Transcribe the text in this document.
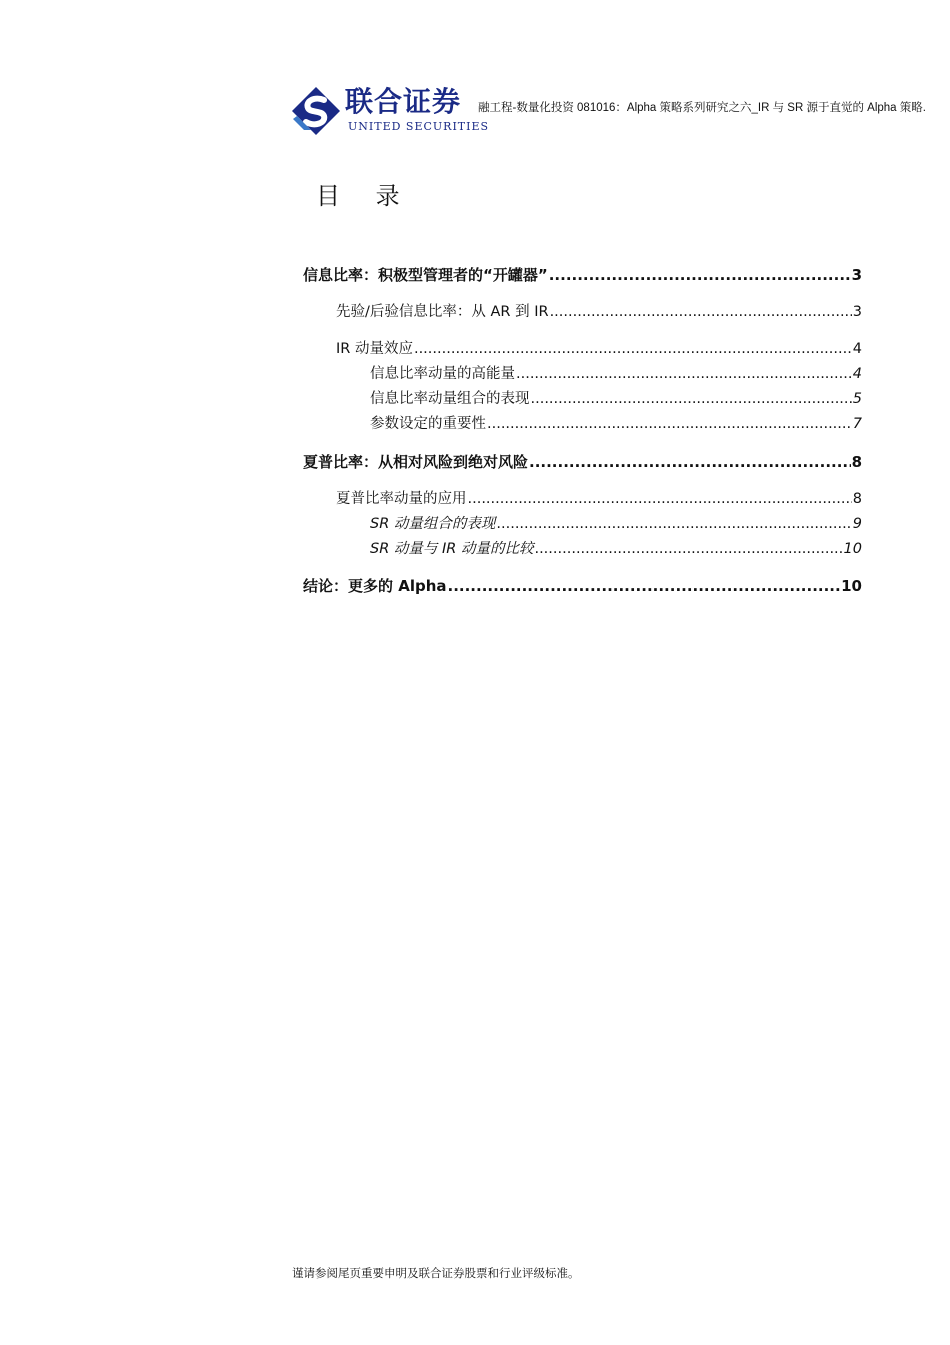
联合证券
UNITED SECURITIES
融工程-数量化投资 081016：Alpha 策略系列研究之六_IR 与 SR 源于直觉的 Alpha 策略.
目 录
信息比率：积极型管理者的“开罐器” .....	3
先验/后验信息比率：从 AR 到 IR .....	3
IR 动量效应 .....	4
信息比率动量的高能量 .....	4
信息比率动量组合的表现 .....	5
参数设定的重要性 .....	7
夏普比率：从相对风险到绝对风险 .....	8
夏普比率动量的应用 .....	8
SR 动量组合的表现 .....	9
SR 动量与 IR 动量的比较 .....	10
结论：更多的 Alpha .....	10
谨请参阅尾页重要申明及联合证券股票和行业评级标准。
